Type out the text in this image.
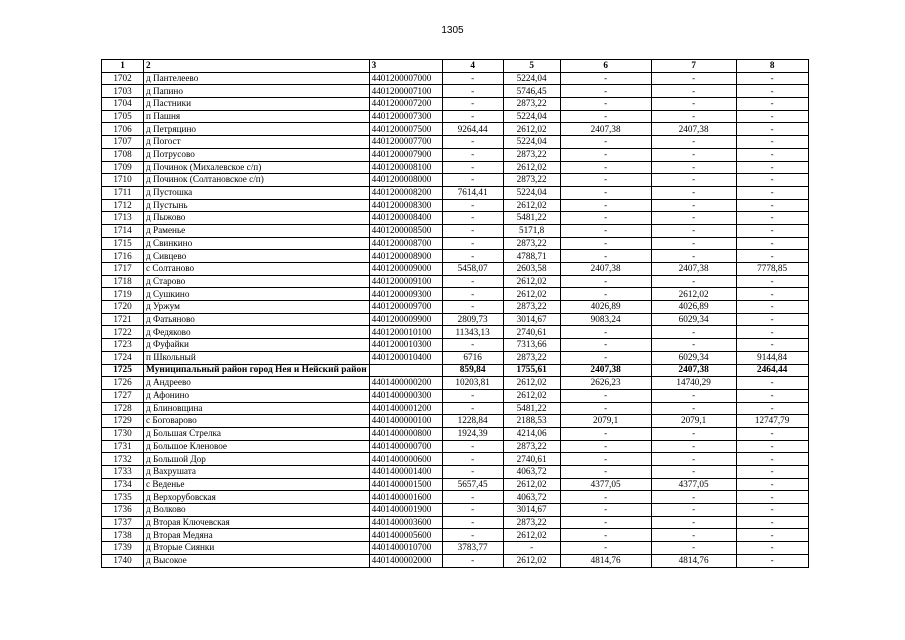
1305
1	2	3	4	5	6	7	8
1702	д Пантелеево	4401200007000	-	5224,04	-	-	-
1703	д Папино	4401200007100	-	5746,45	-	-	-
1704	д Пастники	4401200007200	-	2873,22	-	-	-
1705	п Пашня	4401200007300	-	5224,04	-	-	-
1706	д Петряцино	4401200007500	9264,44	2612,02	2407,38	2407,38	-
1707	д Погост	4401200007700	-	5224,04	-	-	-
1708	д Потрусово	4401200007900	-	2873,22	-	-	-
1709	д Починок (Михалевское с/п)	4401200008100	-	2612,02	-	-	-
1710	д Починок (Солтановское с/п)	4401200008000	-	2873,22	-	-	-
1711	д Пустошка	4401200008200	7614,41	5224,04	-	-	-
1712	д Пустынь	4401200008300	-	2612,02	-	-	-
1713	д Пыжово	4401200008400	-	5481,22	-	-	-
1714	д Раменье	4401200008500	-	5171,8	-	-	-
1715	д Свинкино	4401200008700	-	2873,22	-	-	-
1716	д Сивцево	4401200008900	-	4788,71	-	-	-
1717	с Солтаново	4401200009000	5458,07	2603,58	2407,38	2407,38	7778,85
1718	д Старово	4401200009100	-	2612,02	-	-	-
1719	д Сушкино	4401200009300	-	2612,02	-	2612,02	-
1720	д Уржум	4401200009700	-	2873,22	4026,89	4026,89	-
1721	д Фатьяново	4401200009900	2809,73	3014,67	9083,24	6029,34	-
1722	д Федяково	4401200010100	11343,13	2740,61	-	-	-
1723	д Фуфайки	4401200010300	-	7313,66	-	-	-
1724	п Школьный	4401200010400	6716	2873,22	-	6029,34	9144,84
1725	Муниципальный район город Нея и Нейский район		859,84	1755,61	2407,38	2407,38	2464,44
1726	д Андреево	4401400000200	10203,81	2612,02	2626,23	14740,29	-
1727	д Афонино	4401400000300	-	2612,02	-	-	-
1728	д Блиновщина	4401400001200	-	5481,22	-	-	-
1729	с Боговарово	4401400000100	1228,84	2188,53	2079,1	2079,1	12747,79
1730	д Большая Стрелка	4401400000800	1924,39	4214,06	-	-	-
1731	д Большое Кленовое	4401400000700	-	2873,22	-	-	-
1732	д Большой Дор	4401400000600	-	2740,61	-	-	-
1733	д Вахрушата	4401400001400	-	4063,72	-	-	-
1734	с Веденье	4401400001500	5657,45	2612,02	4377,05	4377,05	-
1735	д Верхорубовская	4401400001600	-	4063,72	-	-	-
1736	д Волково	4401400001900	-	3014,67	-	-	-
1737	д Вторая Ключевская	4401400003600	-	2873,22	-	-	-
1738	д Вторая Медяна	4401400005600	-	2612,02	-	-	-
1739	д Вторые Сиянки	4401400010700	3783,77	-	-	-	-
1740	д Высокое	4401400002000	-	2612,02	4814,76	4814,76	-
